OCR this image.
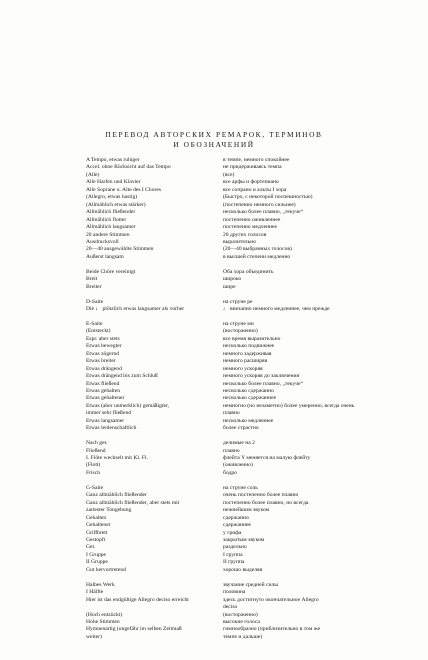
ПЕРЕВОД АВТОРСКИХ РЕМАРОК, ТЕРМИНОВ
И ОБОЗНАЧЕНИЙ
A Tempo, etwas ruhiger	в темпе, немного спокойнее
Accel. ohne Rücksicht auf das Tempo	не придерживаясь темпа
(Alle)	(все)
Alle Harfen und Klavier	все арфы и фортепиано
Alle Soprane u. Alte des I Chores	все сопрано и альты I хора
(Allegro, etwas hastig)	(Быстро, с некоторой поспешностью)
(Allmählich etwas stärker)	(постепенно немного сильнее)
Allmählich fließender	несколько более плавно, „текуче“
Allmählich flotter	постепенно оживленнее
Allmählich langsamer	постепенно медленнее
20 andere Stimmen	20 других голосов
Ausdrucksvoll	выразительно
20—40 ausgewählte Stimmen	(20—40 выбранных голосов)
Äußerst langsam	в высшей степени медленно
Beide Chöre vereinigt	Оба хора объединить
Breit	широко
Breiter	шире
D-Saite	на струне ре
Die ♩ plötzlich etwas langsamer als vorher	♩ внезапно немного медленнее, чем прежде
E-Saite	на струне ми
(Entsteckt)	(восторженно)
Espr. aber stets	все время выразительно
Etwas bewegter	несколько подвижнее
Etwas zögernd	немного задерживая
Etwas breiter	немного расширяя
Etwas drängend	немного ускоряя
Etwas drängend bis zum Schluß	немного ускоряя до заключения
Etwas fließend	несколько более плавно, „текуче“
Etwas gehalten	несколько сдержанно
Etwas gehaltener	несколько сдержаннее
Etwas (aber unmerklich) gemäßigter,	немногно (но незаметно) более умеренно, всегда очень
immer sehr fließend	плавно
Etwas langsamer	несколько медленнее
Etwas leidenschaftlich	более страстно
Nach get.	делимые на 2
Fließend	плавно
I. Flöte wechselt mit Kl. Fl.	флейта Y меняется на малую флейту
(Flott)	(оживленно)
Frisch	бодро
G-Saite	на струне соль
Ganz allmählich fließender	очень постепенно более плавно
Ganz allmählich fließender, aber stets mit	постепенно более плавно, но всегда
zartester Tongebung	нежнейшим звуком
Gehalten	сдержанно
Gehaltener	сдержаннее
Griffbrett	у грифа
Gestopft	закрытым звуком
Get.	раздельно
I Gruppe	I группа
II Gruppe	II группа
Gut hervortretend	хорошо выделяя
Halbes Werk	звучание средней силы
I Hälfte	половина
Hier ist das endgültige Allegro deciso erreicht	здесь достигнуто окончательное Allegro
deciso
(Hoch entzückt)	(восторженно)
Hohe Stimmen	высокие голоса
Hymnenartig (ungefähr im selben Zeitmaß	гимнообразно (приблизительно в том же
weiter)	темпе и дальше)
